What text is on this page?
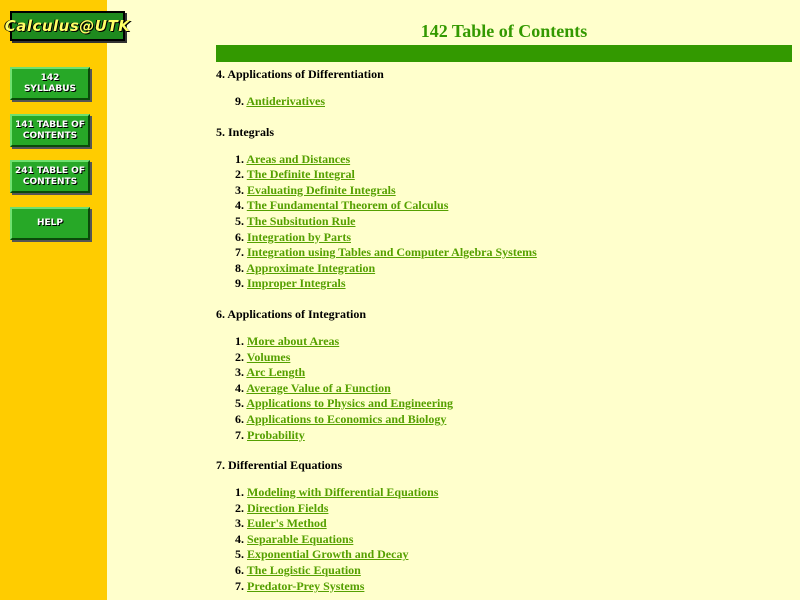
Calculus@UTK
142
SYLLABUS
141 TABLE OF
CONTENTS
241 TABLE OF
CONTENTS
HELP
142 Table of Contents
4. Applications of Differentiation
9. Antiderivatives
5. Integrals
1. Areas and Distances
2. The Definite Integral
3. Evaluating Definite Integrals
4. The Fundamental Theorem of Calculus
5. The Subsitution Rule
6. Integration by Parts
7. Integration using Tables and Computer Algebra Systems
8. Approximate Integration
9. Improper Integrals
6. Applications of Integration
1. More about Areas
2. Volumes
3. Arc Length
4. Average Value of a Function
5. Applications to Physics and Engineering
6. Applications to Economics and Biology
7. Probability
7. Differential Equations
1. Modeling with Differential Equations
2. Direction Fields
3. Euler's Method
4. Separable Equations
5. Exponential Growth and Decay
6. The Logistic Equation
7. Predator-Prey Systems
